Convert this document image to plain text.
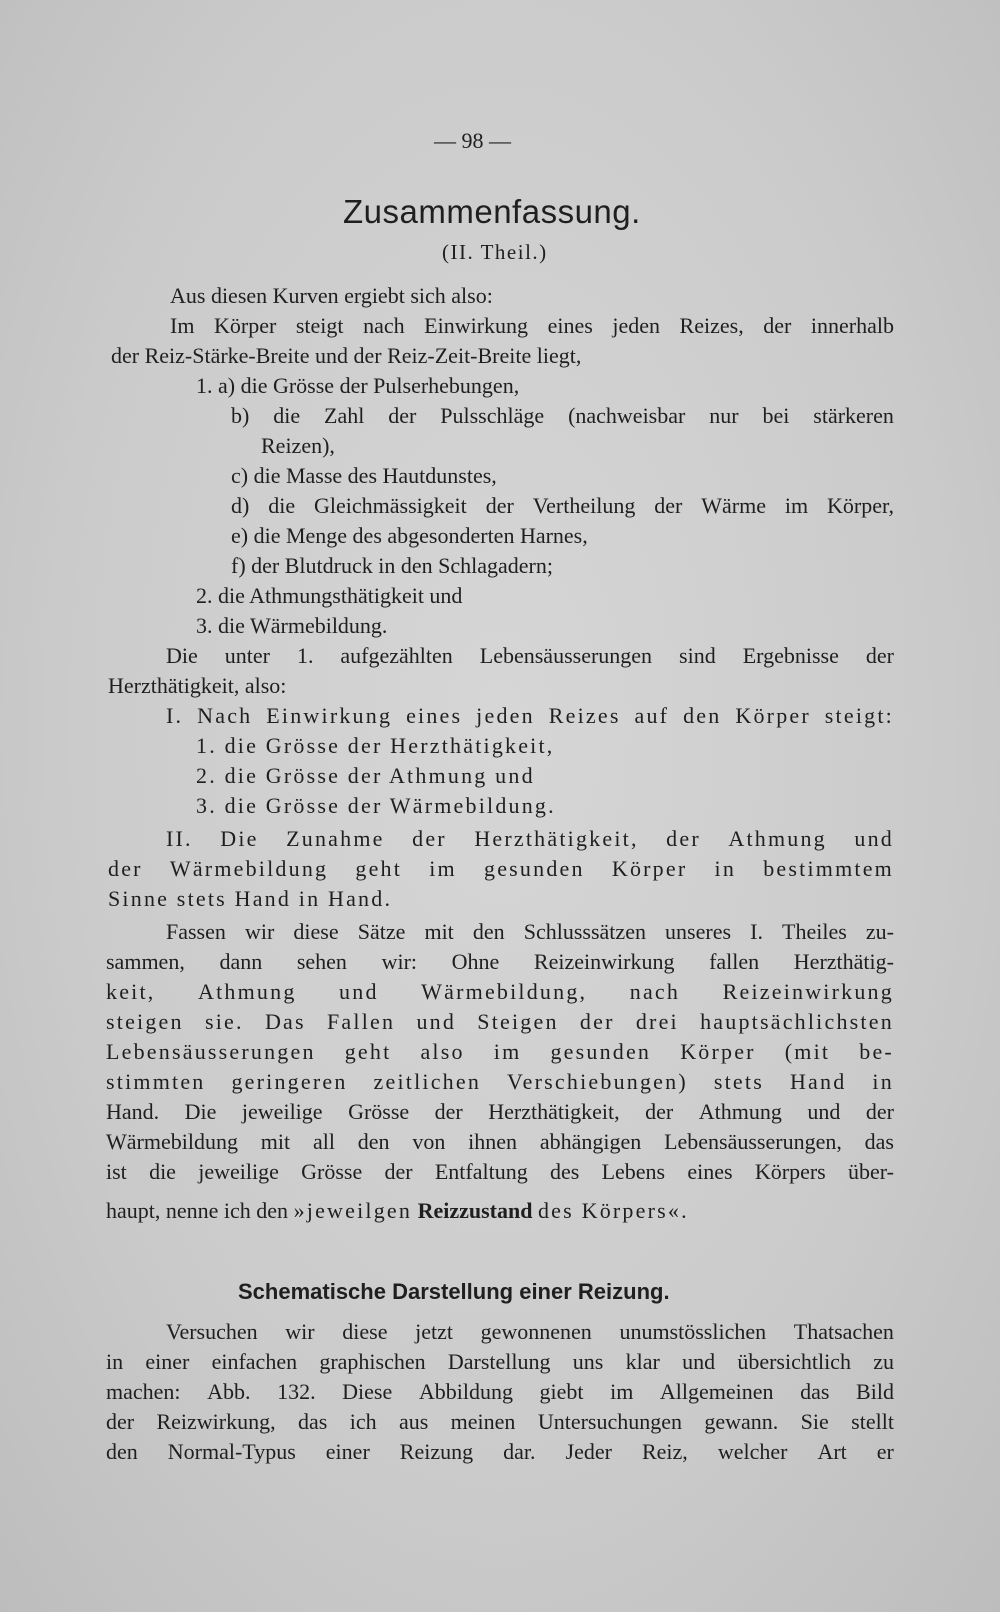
— 98 —
Zusammenfassung.
(II. Theil.)
Aus diesen Kurven ergiebt sich also:
Im Körper steigt nach Einwirkung eines jeden Reizes, der innerhalb
der Reiz-Stärke-Breite und der Reiz-Zeit-Breite liegt,
1. a) die Grösse der Pulserhebungen,
b) die Zahl der Pulsschläge (nachweisbar nur bei stärkeren
Reizen),
c) die Masse des Hautdunstes,
d) die Gleichmässigkeit der Vertheilung der Wärme im Körper,
e) die Menge des abgesonderten Harnes,
f) der Blutdruck in den Schlagadern;
2. die Athmungsthätigkeit und
3. die Wärmebildung.
Die unter 1. aufgezählten Lebensäusserungen sind Ergebnisse der
Herzthätigkeit, also:
I. Nach Einwirkung eines jeden Reizes auf den Körper steigt:
1. die Grösse der Herzthätigkeit,
2. die Grösse der Athmung und
3. die Grösse der Wärmebildung.
II. Die Zunahme der Herzthätigkeit, der Athmung und
der Wärmebildung geht im gesunden Körper in bestimmtem
Sinne stets Hand in Hand.
Fassen wir diese Sätze mit den Schlusssätzen unseres I. Theiles zu-
sammen, dann sehen wir: Ohne Reizeinwirkung fallen Herzthätig-
keit, Athmung und Wärmebildung, nach Reizeinwirkung
steigen sie. Das Fallen und Steigen der drei hauptsächlichsten
Lebensäusserungen geht also im gesunden Körper (mit be-
stimmten geringeren zeitlichen Verschiebungen) stets Hand in
Hand. Die jeweilige Grösse der Herzthätigkeit, der Athmung und der
Wärmebildung mit all den von ihnen abhängigen Lebensäusserungen, das
ist die jeweilige Grösse der Entfaltung des Lebens eines Körpers über-
haupt, nenne ich den »jeweilgen Reizzustand des Körpers«.
Schematische Darstellung einer Reizung.
Versuchen wir diese jetzt gewonnenen unumstösslichen Thatsachen
in einer einfachen graphischen Darstellung uns klar und übersichtlich zu
machen: Abb. 132. Diese Abbildung giebt im Allgemeinen das Bild
der Reizwirkung, das ich aus meinen Untersuchungen gewann. Sie stellt
den Normal-Typus einer Reizung dar. Jeder Reiz, welcher Art er
